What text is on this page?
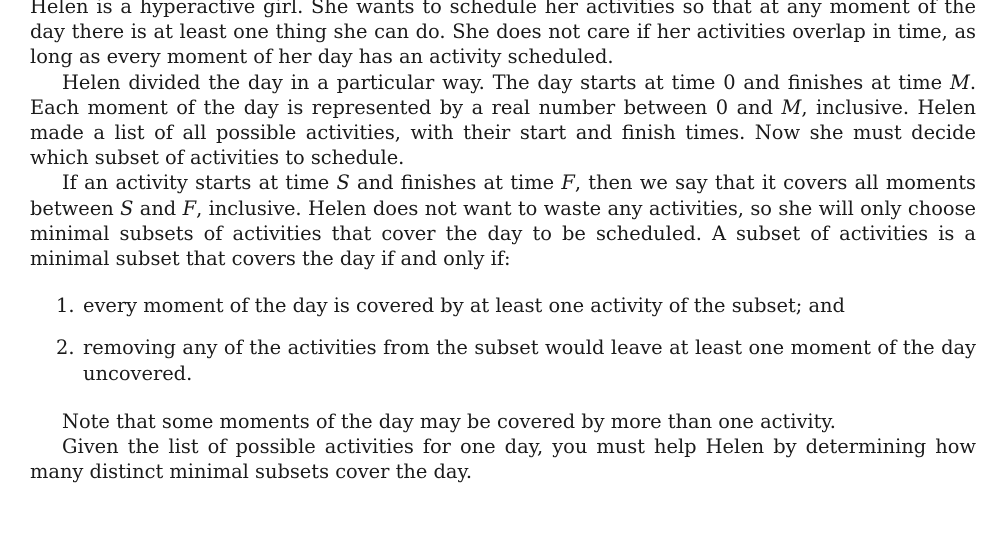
Helen is a hyperactive girl. She wants to schedule her activities so that at any moment of the day there is at least one thing she can do. She does not care if her activities overlap in time, as long as every moment of her day has an activity scheduled.

Helen divided the day in a particular way. The day starts at time 0 and finishes at time M. Each moment of the day is represented by a real number between 0 and M, inclusive. Helen made a list of all possible activities, with their start and finish times. Now she must decide which subset of activities to schedule.

If an activity starts at time S and finishes at time F, then we say that it covers all moments between S and F, inclusive. Helen does not want to waste any activities, so she will only choose minimal subsets of activities that cover the day to be scheduled. A subset of activities is a minimal subset that covers the day if and only if:

1. every moment of the day is covered by at least one activity of the subset; and
2. removing any of the activities from the subset would leave at least one moment of the day uncovered.

Note that some moments of the day may be covered by more than one activity.

Given the list of possible activities for one day, you must help Helen by determining how many distinct minimal subsets cover the day.
